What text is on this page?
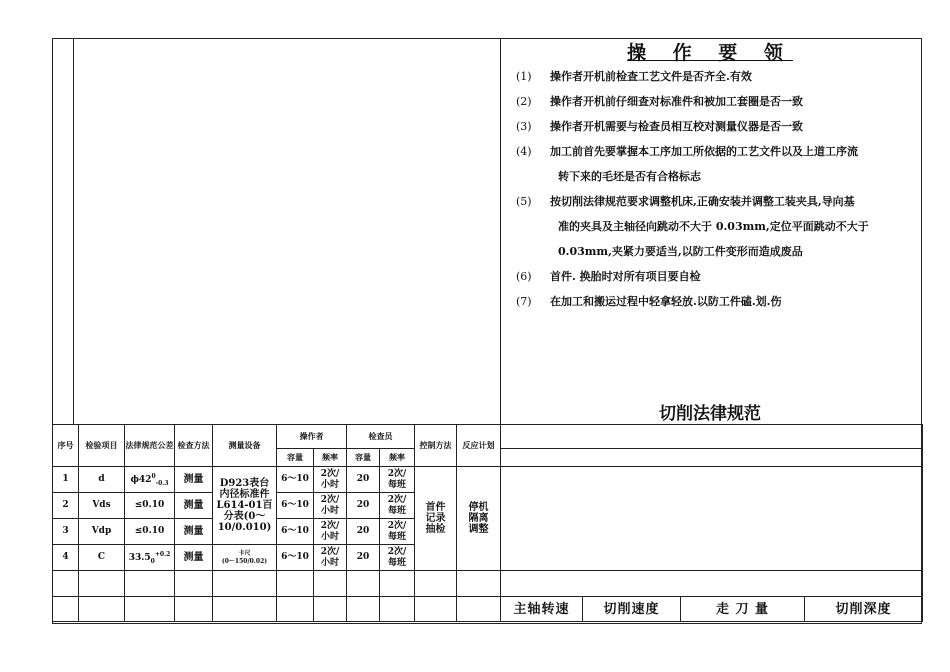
操 作 要 领
(1) 操作者开机前检查工艺文件是否齐全.有效
(2) 操作者开机前仔细查对标准件和被加工套圈是否一致
(3) 操作者开机需要与检查员相互校对测量仪器是否一致
(4) 加工前首先要掌握本工序加工所依据的工艺文件以及上道工序流
转下来的毛坯是否有合格标志
(5) 按切削法律规范要求调整机床,正确安装并调整工装夹具,导向基
准的夹具及主轴径向跳动不大于 0.03mm,定位平面跳动不大于
0.03mm,夹紧力要适当,以防工件变形而造成废品
(6) 首件. 换胎时对所有项目要自检
(7) 在加工和搬运过程中轻拿轻放.以防工件磕.划.伤
切削法律规范
序号	检验项目	法律规范公差	检查方法	测量设备	操作者		检查员		控制方法	反应计划				
					容量	频率	容量	频率						
1	d	$\phi 42^0_{-0.3}$	测量	D923表台内径标准件L614-01百分表(0～10/0.010)	6～10	2次/小时	20	2次/每班	首件记录抽检	停机隔离调整				
2	Vds	≤0.10	测量		6～10	2次/小时	20	2次/每班						
3	Vdp	≤0.10	测量		6～10	2次/小时	20	2次/每班						
4	C	$33.5_0^{+0.2}$	测量	卡尺
(0～150/0.02)	6～10	2次/小时	20	2次/每班						

											主轴转速	切削速度	走 刀 量	切削深度
